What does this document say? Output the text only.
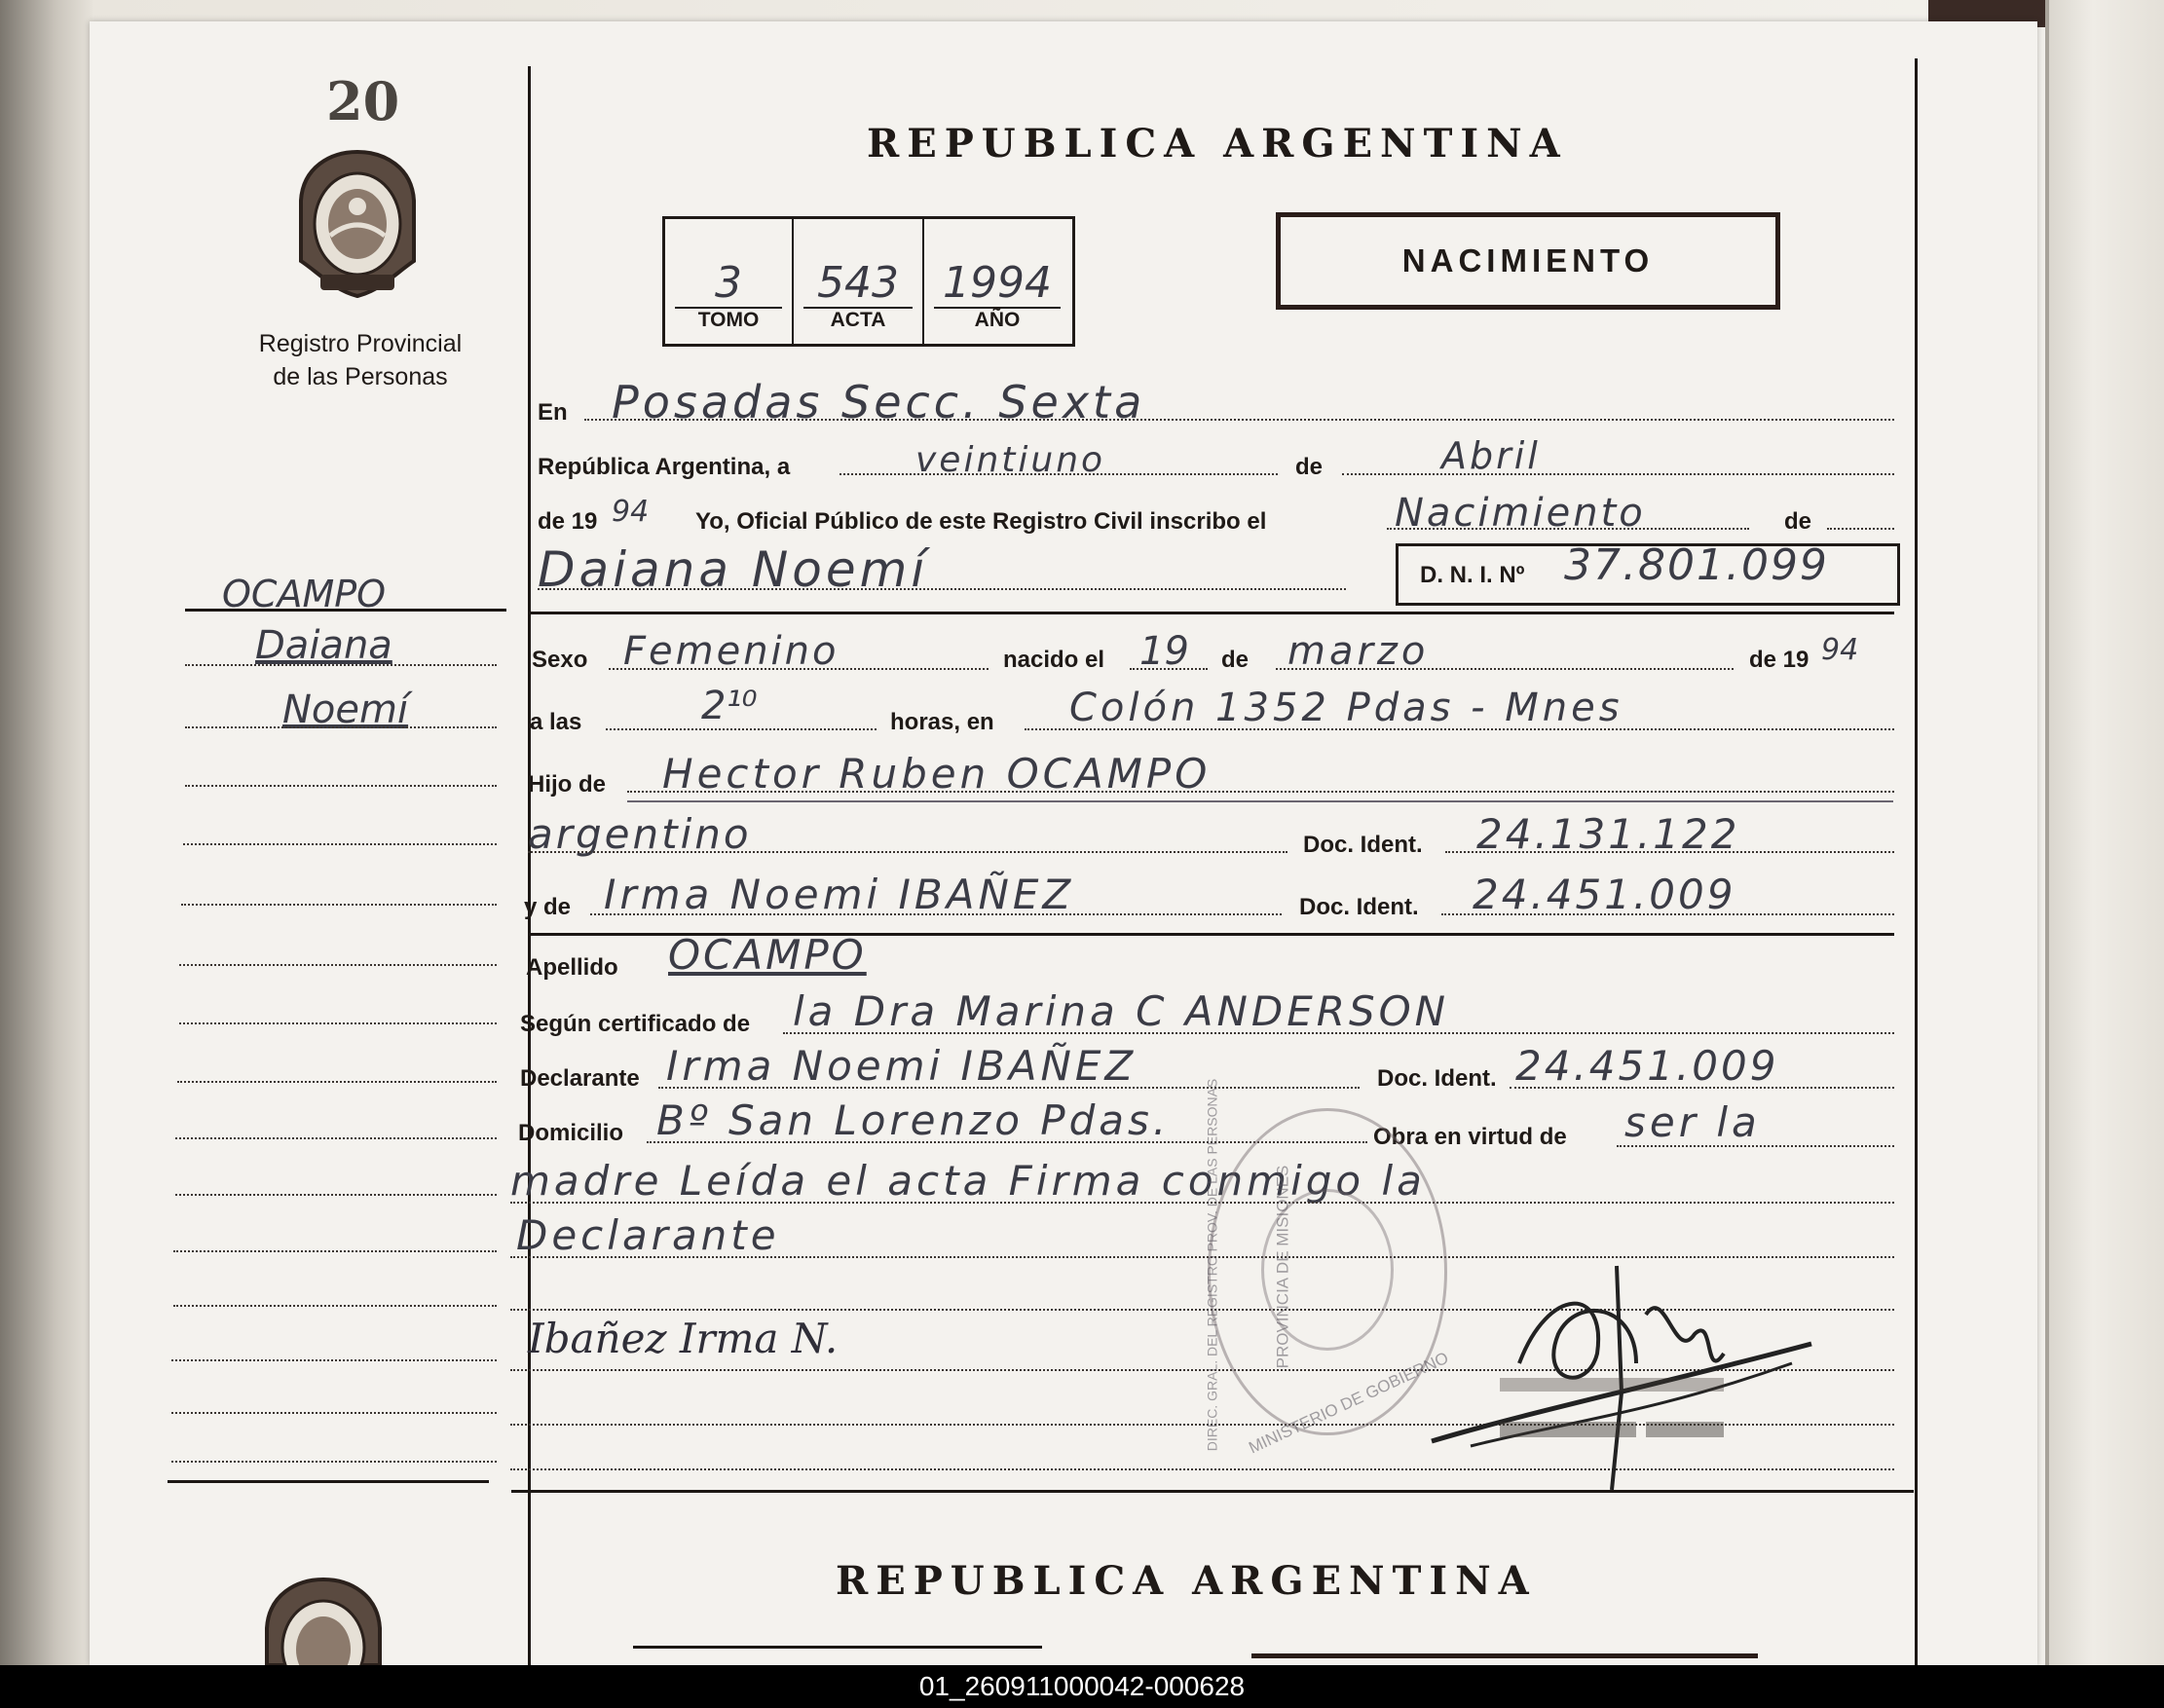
20
Registro Provincial
de las Personas
REPUBLICA ARGENTINA
3
TOMO
543
ACTA
1994
AÑO
NACIMIENTO
OCAMPO
Daiana
Noemí
En Posadas Secc. Sexta
República Argentina, a	veintiuno	de	Abril
de 19 94 Yo, Oficial Público de este Registro Civil inscribo el	Nacimiento	de
Daiana Noemí	D. N. I. Nº 37.801.099
Sexo Femenino	nacido el 19 de marzo	de 19 94
a las	2¹⁰	horas, en Colón 1352 Pdas - Mnes
Hijo de Hector Ruben OCAMPO
argentino	Doc. Ident. 24.131.122
y de Irma Noemi IBAÑEZ	Doc. Ident. 24.451.009
Apellido OCAMPO
Según certificado de la Dra Marina C ANDERSON
Declarante Irma Noemi IBAÑEZ	Doc. Ident. 24.451.009
Domicilio Bº San Lorenzo Pdas.	Obra en virtud de ser la
madre Leída el acta Firma conmigo la
Declarante
Ibañez Irma N.	PROVINCIA DE MISIONES
DIREC. GRAL. DEL REGISTRO PROV. DE LAS PERSONAS MINISTERIO DE GOBIERNO
REPUBLICA ARGENTINA
01_260911000042-000628
